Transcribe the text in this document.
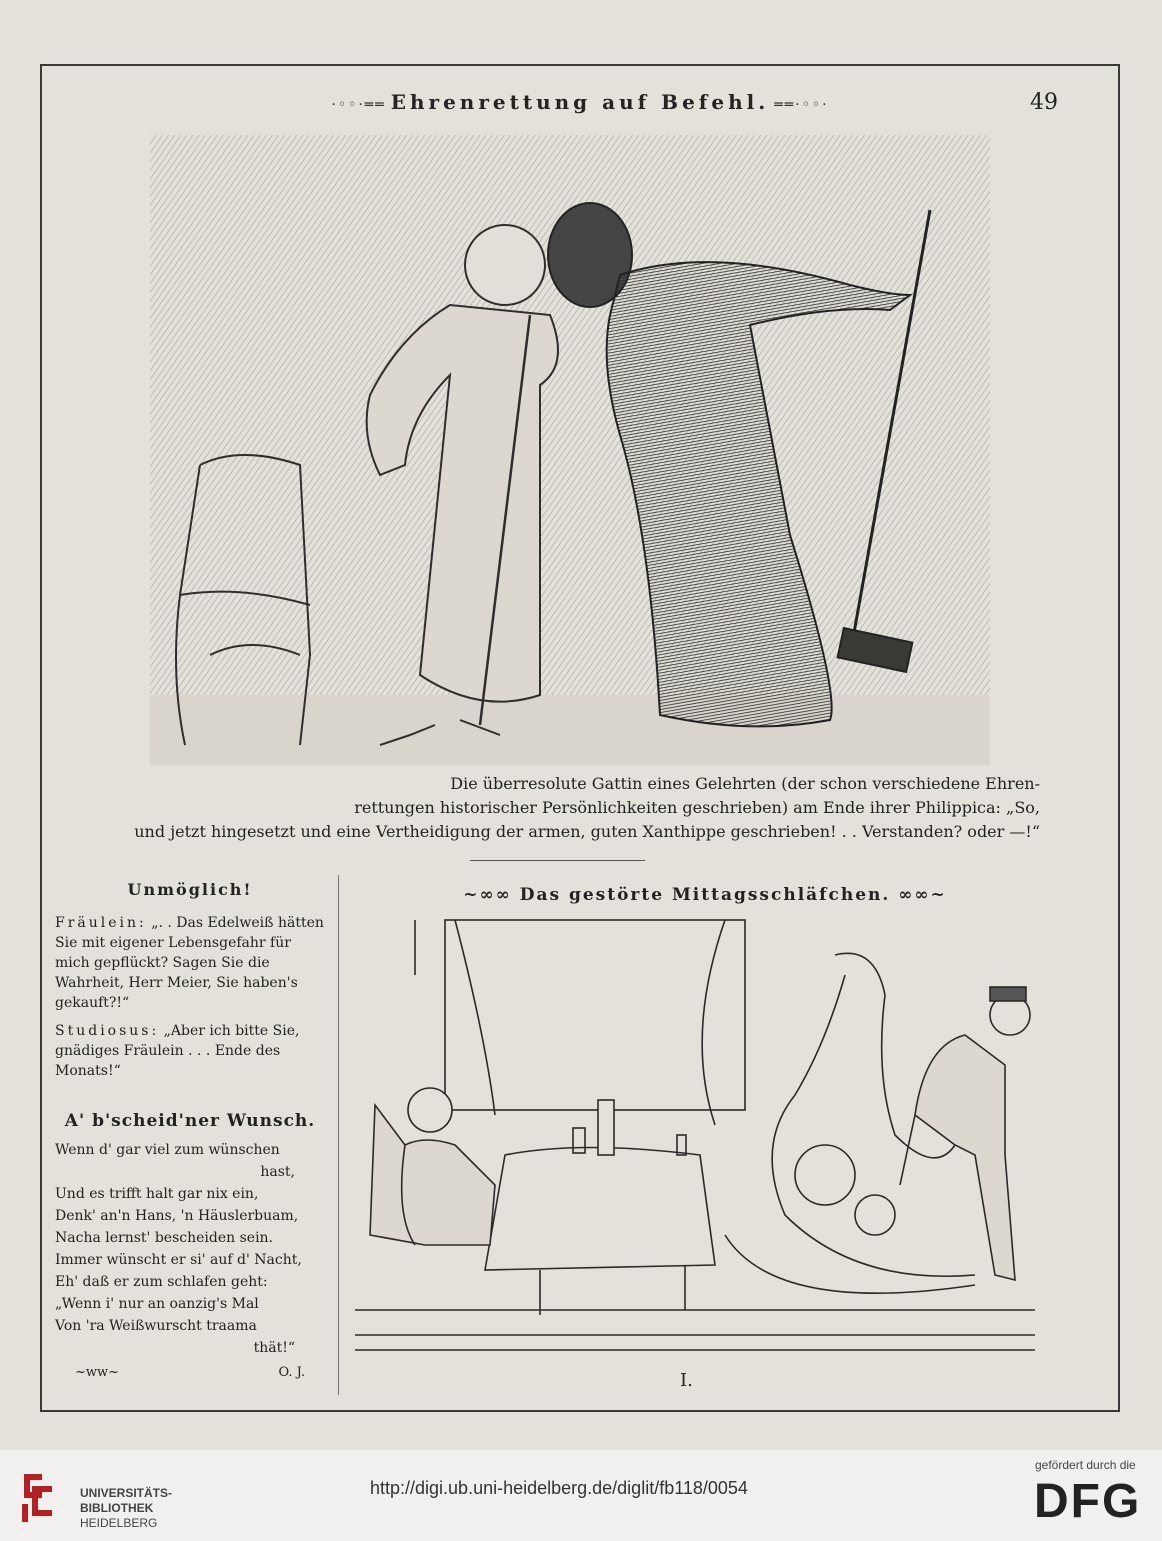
·◦◦·══ Ehrenrettung auf Befehl. ══·◦◦·	49
Die überresolute Gattin eines Gelehrten (der schon verschiedene Ehren-
rettungen historischer Persönlichkeiten geschrieben) am Ende ihrer Philippica: „So,
und jetzt hingesetzt und eine Vertheidigung der armen, guten Xanthippe geschrieben! . . Verstanden? oder —!“
Unmöglich!
Fräulein: „. . Das Edelweiß hätten Sie mit eigener Lebensgefahr für mich gepflückt? Sagen Sie die Wahrheit, Herr Meier, Sie haben's gekauft?!“
Studiosus: „Aber ich bitte Sie, gnädiges Fräulein . . . Ende des Monats!“
A' b'scheid'ner Wunsch.
Wenn d' gar viel zum wünschen
hast,
Und es trifft halt gar nix ein,
Denk' an'n Hans, 'n Häuslerbuam,
Nacha lernst' bescheiden sein.
Immer wünscht er si' auf d' Nacht,
Eh' daß er zum schlafen geht:
„Wenn i' nur an oanzig's Mal
Von 'ra Weißwurscht traama
thät!“
~ww~	O. J.
~∞∞ Das gestörte Mittagsschläfchen. ∞∞~
I.
UNIVERSITÄTS-
BIBLIOTHEK
HEIDELBERG
http://digi.ub.uni-heidelberg.de/diglit/fb118/0054
gefördert durch die
DFG
